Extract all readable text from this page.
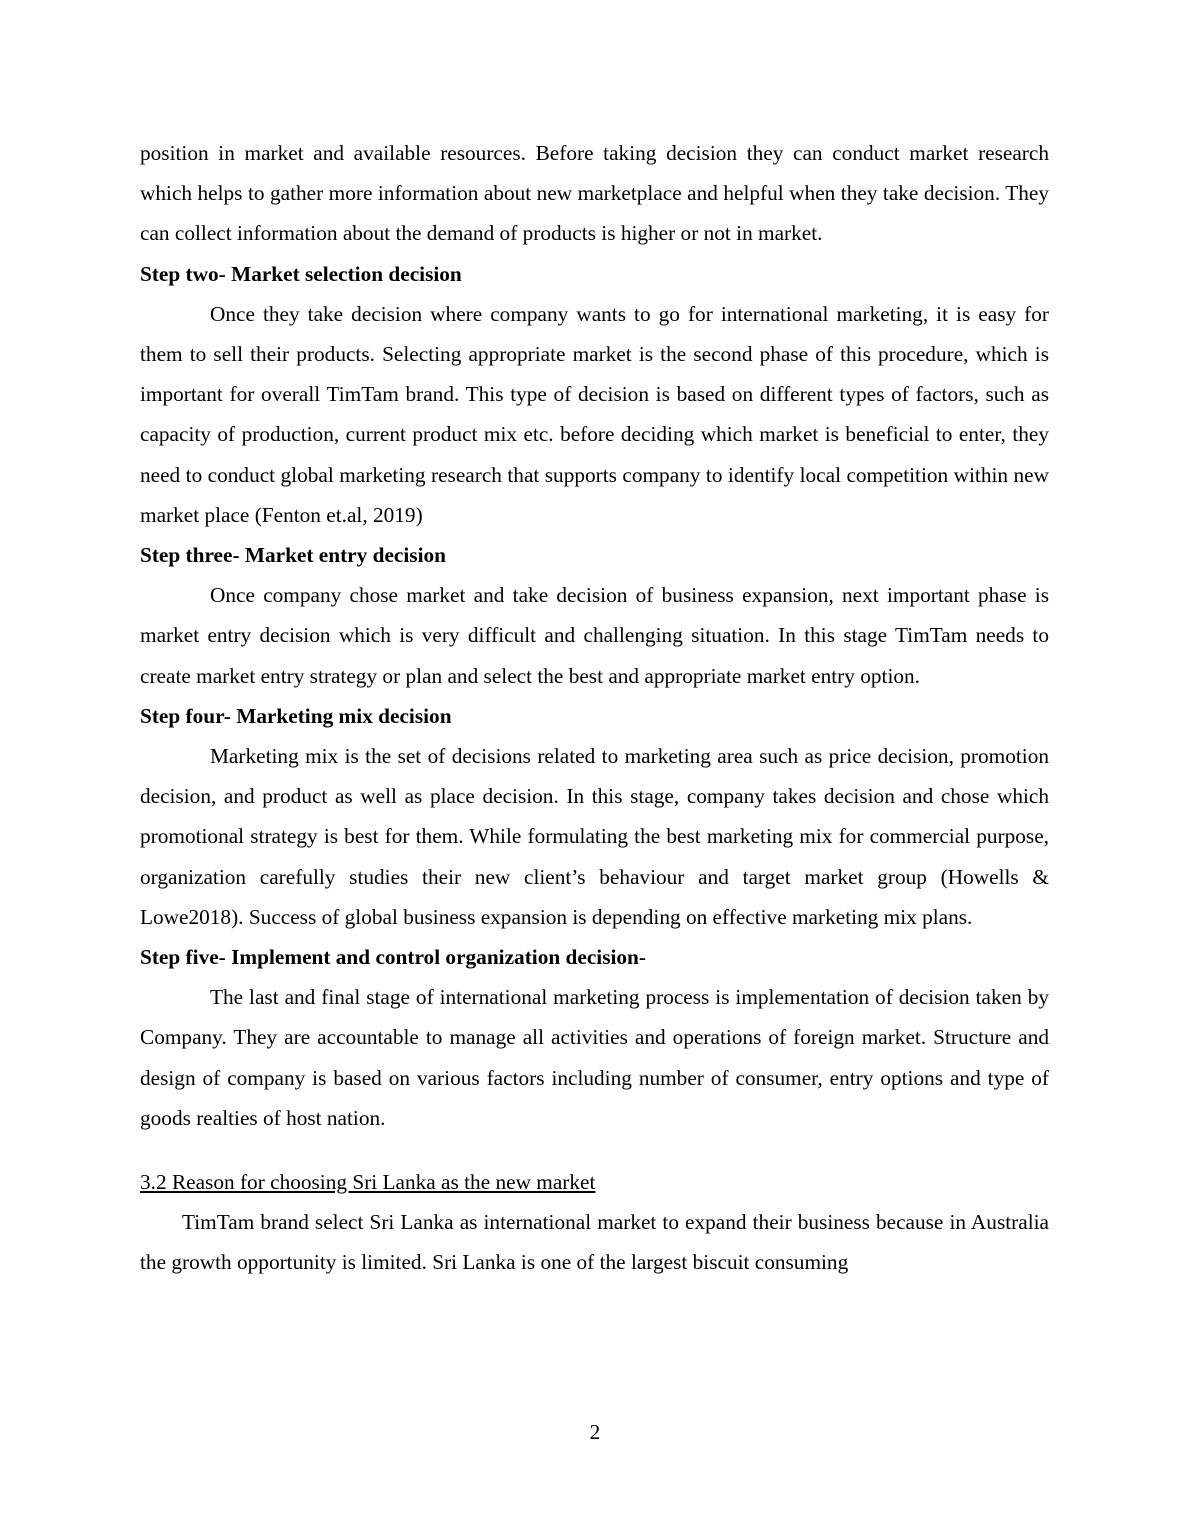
position in market and available resources. Before taking decision they can conduct market research which helps to gather more information about new marketplace and helpful when they take decision. They can collect information about the demand of products is higher or not in market.

Step two- Market selection decision

Once they take decision where company wants to go for international marketing, it is easy for them to sell their products. Selecting appropriate market is the second phase of this procedure, which is important for overall TimTam brand. This type of decision is based on different types of factors, such as capacity of production, current product mix etc. before deciding which market is beneficial to enter, they need to conduct global marketing research that supports company to identify local competition within new market place (Fenton et.al, 2019)

Step three- Market entry decision

Once company chose market and take decision of business expansion, next important phase is market entry decision which is very difficult and challenging situation. In this stage TimTam needs to create market entry strategy or plan and select the best and appropriate market entry option.

Step four- Marketing mix decision

Marketing mix is the set of decisions related to marketing area such as price decision, promotion decision, and product as well as place decision. In this stage, company takes decision and chose which promotional strategy is best for them. While formulating the best marketing mix for commercial purpose, organization carefully studies their new client’s behaviour and target market group (Howells & Lowe2018). Success of global business expansion is depending on effective marketing mix plans.

Step five- Implement and control organization decision-

The last and final stage of international marketing process is implementation of decision taken by Company. They are accountable to manage all activities and operations of foreign market. Structure and design of company is based on various factors including number of consumer, entry options and type of goods realties of host nation.

3.2 Reason for choosing Sri Lanka as the new market

TimTam brand select Sri Lanka as international market to expand their business because in Australia the growth opportunity is limited. Sri Lanka is one of the largest biscuit consuming

2
